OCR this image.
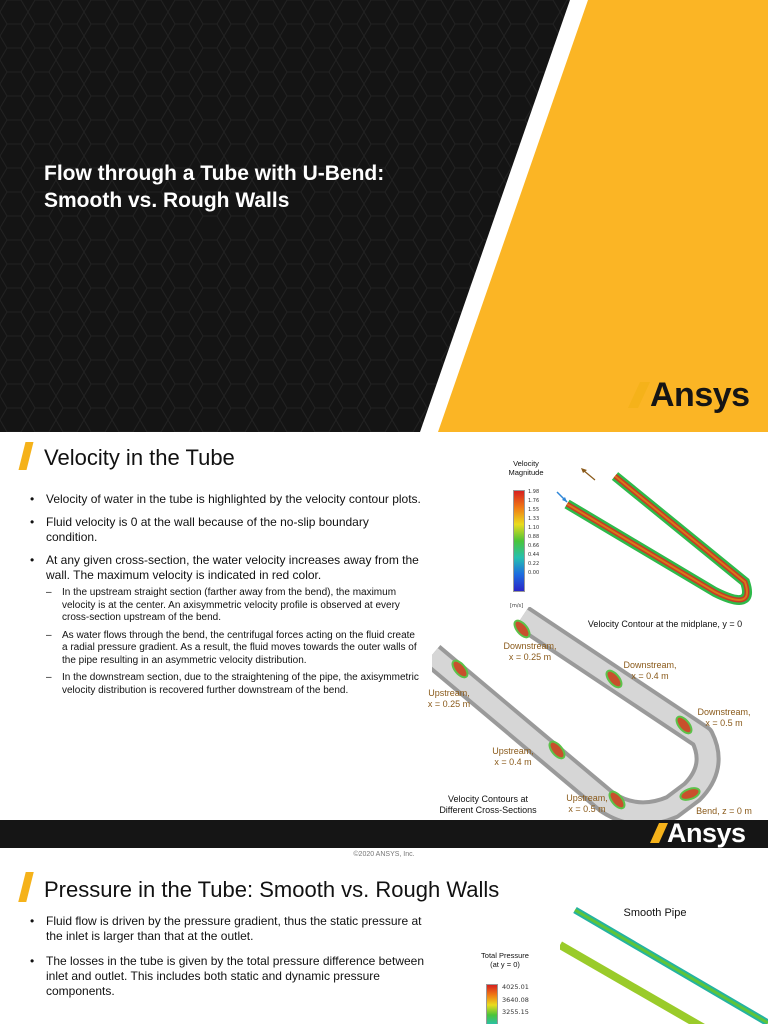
Flow through a Tube with U-Bend:
Smooth vs. Rough Walls
Ansys
Velocity in the Tube
• Velocity of water in the tube is highlighted by the velocity contour plots.
• Fluid velocity is 0 at the wall because of the no-slip boundary condition.
• At any given cross-section, the water velocity increases away from the wall. The maximum velocity is indicated in red color.
– In the upstream straight section (farther away from the bend), the maximum velocity is at the center. An axisymmetric velocity profile is observed at every cross-section upstream of the bend.
– As water flows through the bend, the centrifugal forces acting on the fluid create a radial pressure gradient. As a result, the fluid moves towards the outer walls of the pipe resulting in an asymmetric velocity distribution.
– In the downstream section, due to the straightening of the pipe, the axisymmetric velocity distribution is recovered further downstream of the bend.
Velocity
Magnitude
1.98
1.76
1.55
1.33
1.10
0.88
0.66
0.44
0.22
0.00
[m/s]
Velocity Contour at the midplane, y = 0
Downstream,
x = 0.25 m
Downstream,
x = 0.4 m
Downstream,
x = 0.5 m
Upstream,
x = 0.25 m
Upstream,
x = 0.4 m
Upstream,
x = 0.5 m	Bend, z = 0 m
Velocity Contours at
Different Cross-Sections
Ansys
©2020 ANSYS, Inc.
Pressure in the Tube: Smooth vs. Rough Walls
• Fluid flow is driven by the pressure gradient, thus the static pressure at the inlet is larger than that at the outlet.
• The losses in the tube is given by the total pressure difference between inlet and outlet. This includes both static and dynamic pressure components.
Smooth Pipe
Total Pressure
(at y = 0)
4025.01
3640.08
3255.15
